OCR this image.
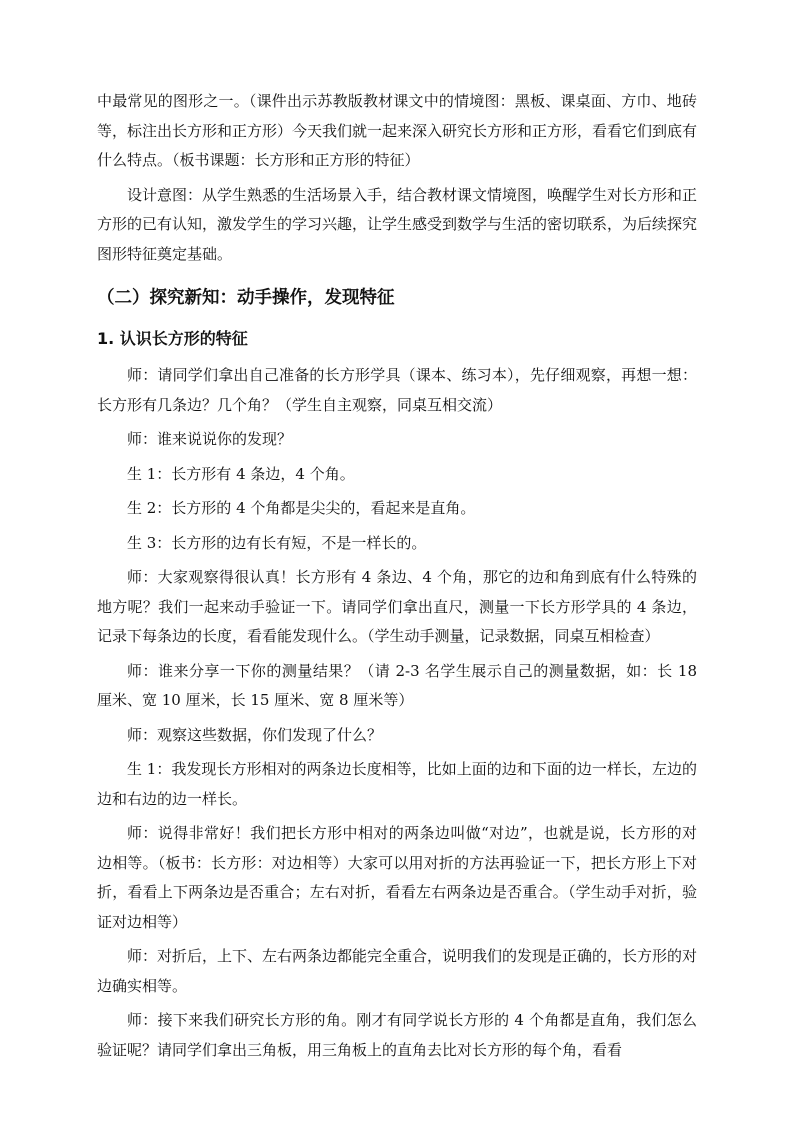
中最常见的图形之一。（课件出示苏教版教材课文中的情境图：黑板、课桌面、方巾、地砖等，标注出长方形和正方形）今天我们就一起来深入研究长方形和正方形，看看它们到底有什么特点。（板书课题：长方形和正方形的特征）

设计意图：从学生熟悉的生活场景入手，结合教材课文情境图，唤醒学生对长方形和正方形的已有认知，激发学生的学习兴趣，让学生感受到数学与生活的密切联系，为后续探究图形特征奠定基础。

（二）探究新知：动手操作，发现特征
1. 认识长方形的特征

师：请同学们拿出自己准备的长方形学具（课本、练习本），先仔细观察，再想一想：长方形有几条边？几个角？（学生自主观察，同桌互相交流）

师：谁来说说你的发现？

生 1：长方形有 4 条边，4 个角。

生 2：长方形的 4 个角都是尖尖的，看起来是直角。

生 3：长方形的边有长有短，不是一样长的。

师：大家观察得很认真！长方形有 4 条边、4 个角，那它的边和角到底有什么特殊的地方呢？我们一起来动手验证一下。请同学们拿出直尺，测量一下长方形学具的 4 条边，记录下每条边的长度，看看能发现什么。（学生动手测量，记录数据，同桌互相检查）

师：谁来分享一下你的测量结果？（请 2-3 名学生展示自己的测量数据，如：长 18 厘米、宽 10 厘米，长 15 厘米、宽 8 厘米等）

师：观察这些数据，你们发现了什么？

生 1：我发现长方形相对的两条边长度相等，比如上面的边和下面的边一样长，左边的边和右边的边一样长。

师：说得非常好！我们把长方形中相对的两条边叫做“对边”，也就是说，长方形的对边相等。（板书：长方形：对边相等）大家可以用对折的方法再验证一下，把长方形上下对折，看看上下两条边是否重合；左右对折，看看左右两条边是否重合。（学生动手对折，验证对边相等）

师：对折后，上下、左右两条边都能完全重合，说明我们的发现是正确的，长方形的对边确实相等。

师：接下来我们研究长方形的角。刚才有同学说长方形的 4 个角都是直角，我们怎么验证呢？请同学们拿出三角板，用三角板上的直角去比对长方形的每个角，看看
